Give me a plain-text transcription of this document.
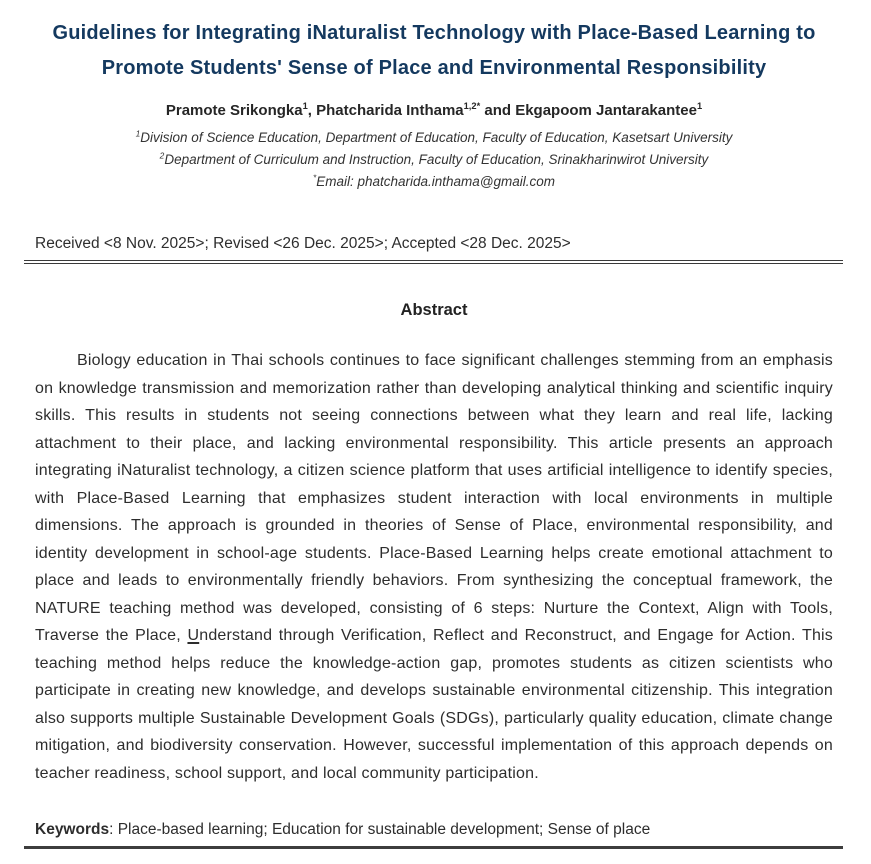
Guidelines for Integrating iNaturalist Technology with Place-Based Learning to
Promote Students' Sense of Place and Environmental Responsibility
Pramote Srikongka$^1$, Phatcharida Inthama$^{1,2*}$ and Ekgapoom Jantarakantee$^1$
$^1$Division of Science Education, Department of Education, Faculty of Education, Kasetsart University
$^2$Department of Curriculum and Instruction, Faculty of Education, Srinakharinwirot University
*Email: phatcharida.inthama@gmail.com
Received <8 Nov. 2025>; Revised <26 Dec. 2025>; Accepted <28 Dec. 2025>
Abstract

Biology education in Thai schools continues to face significant challenges stemming from an emphasis on knowledge transmission and memorization rather than developing analytical thinking and scientific inquiry skills. This results in students not seeing connections between what they learn and real life, lacking attachment to their place, and lacking environmental responsibility. This article presents an approach integrating iNaturalist technology, a citizen science platform that uses artificial intelligence to identify species, with Place-Based Learning that emphasizes student interaction with local environments in multiple dimensions. The approach is grounded in theories of Sense of Place, environmental responsibility, and identity development in school-age students. Place-Based Learning helps create emotional attachment to place and leads to environmentally friendly behaviors. From synthesizing the conceptual framework, the NATURE teaching method was developed, consisting of 6 steps: Nurture the Context, Align with Tools, Traverse the Place, Understand through Verification, Reflect and Reconstruct, and Engage for Action. This teaching method helps reduce the knowledge-action gap, promotes students as citizen scientists who participate in creating new knowledge, and develops sustainable environmental citizenship. This integration also supports multiple Sustainable Development Goals (SDGs), particularly quality education, climate change mitigation, and biodiversity conservation. However, successful implementation of this approach depends on teacher readiness, school support, and local community participation.

Keywords: Place-based learning; Education for sustainable development; Sense of place
